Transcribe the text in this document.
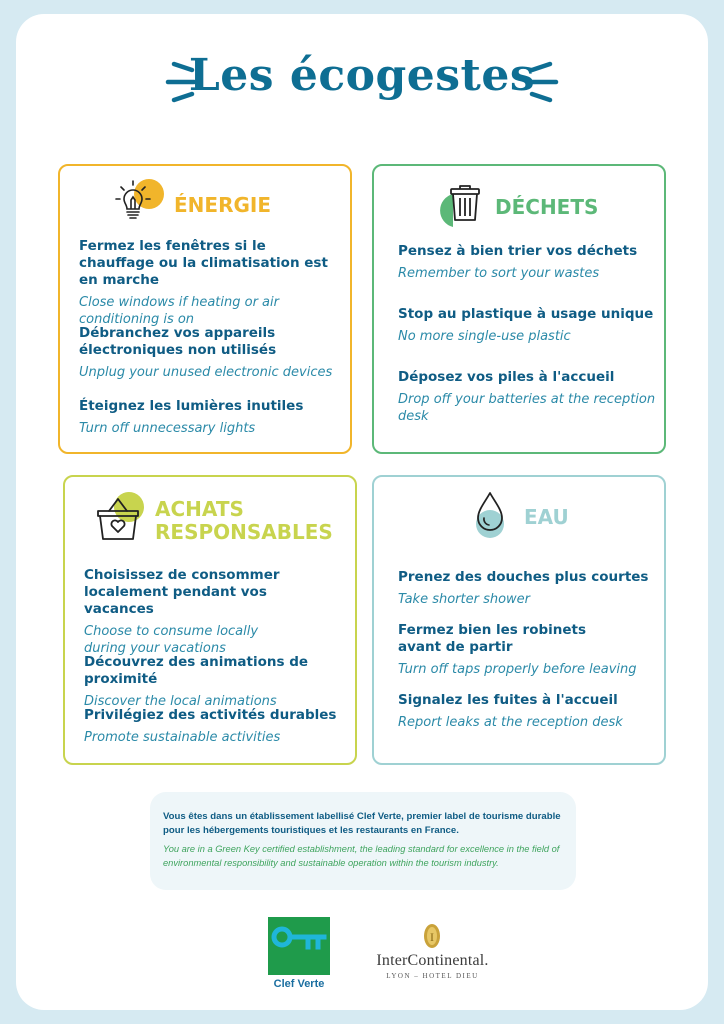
Les écogestes
ÉNERGIE
Fermez les fenêtres si le chauffage ou la climatisation est en marche
Close windows if heating or air conditioning is on
Débranchez vos appareils électroniques non utilisés
Unplug your unused electronic devices
Éteignez les lumières inutiles
Turn off unnecessary lights
DÉCHETS
Pensez à bien trier vos déchets
Remember to sort your wastes
Stop au plastique à usage unique
No more single-use plastic
Déposez vos piles à l'accueil
Drop off your batteries at the reception desk
ACHATS
RESPONSABLES
Choisissez de consommer localement pendant vos vacances
Choose to consume locally during your vacations
Découvrez des animations de proximité
Discover the local animations
Privilégiez des activités durables
Promote sustainable activities
EAU
Prenez des douches plus courtes
Take shorter shower
Fermez bien les robinets avant de partir
Turn off taps properly before leaving
Signalez les fuites à l'accueil
Report leaks at the reception desk
Vous êtes dans un établissement labellisé Clef Verte, premier label de tourisme durable pour les hébergements touristiques et les restaurants en France.
You are in a Green Key certified establishment, the leading standard for excellence in the field of environmental responsibility and sustainable operation within the tourism industry.
Clef Verte
I
InterContinental.
LYON – HOTEL DIEU
